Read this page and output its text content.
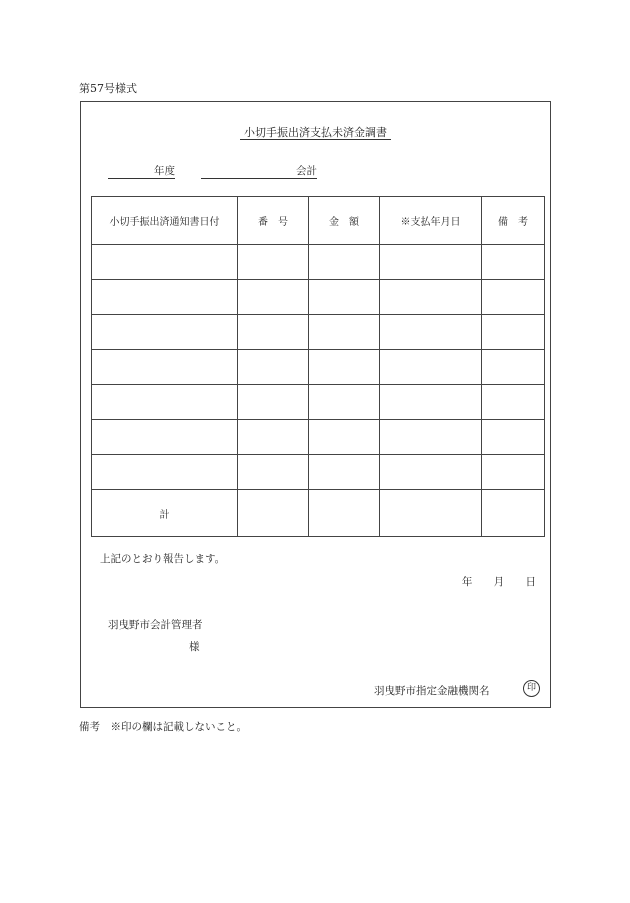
第57号様式
小切手振出済支払未済金調書
年度	会計
小切手振出済通知書日付	番　号	金　額	※支払年月日	備　考

計				
上記のとおり報告します。
年 月 日
羽曳野市会計管理者
様
羽曳野市指定金融機関名	印
備考　※印の欄は記載しないこと。
